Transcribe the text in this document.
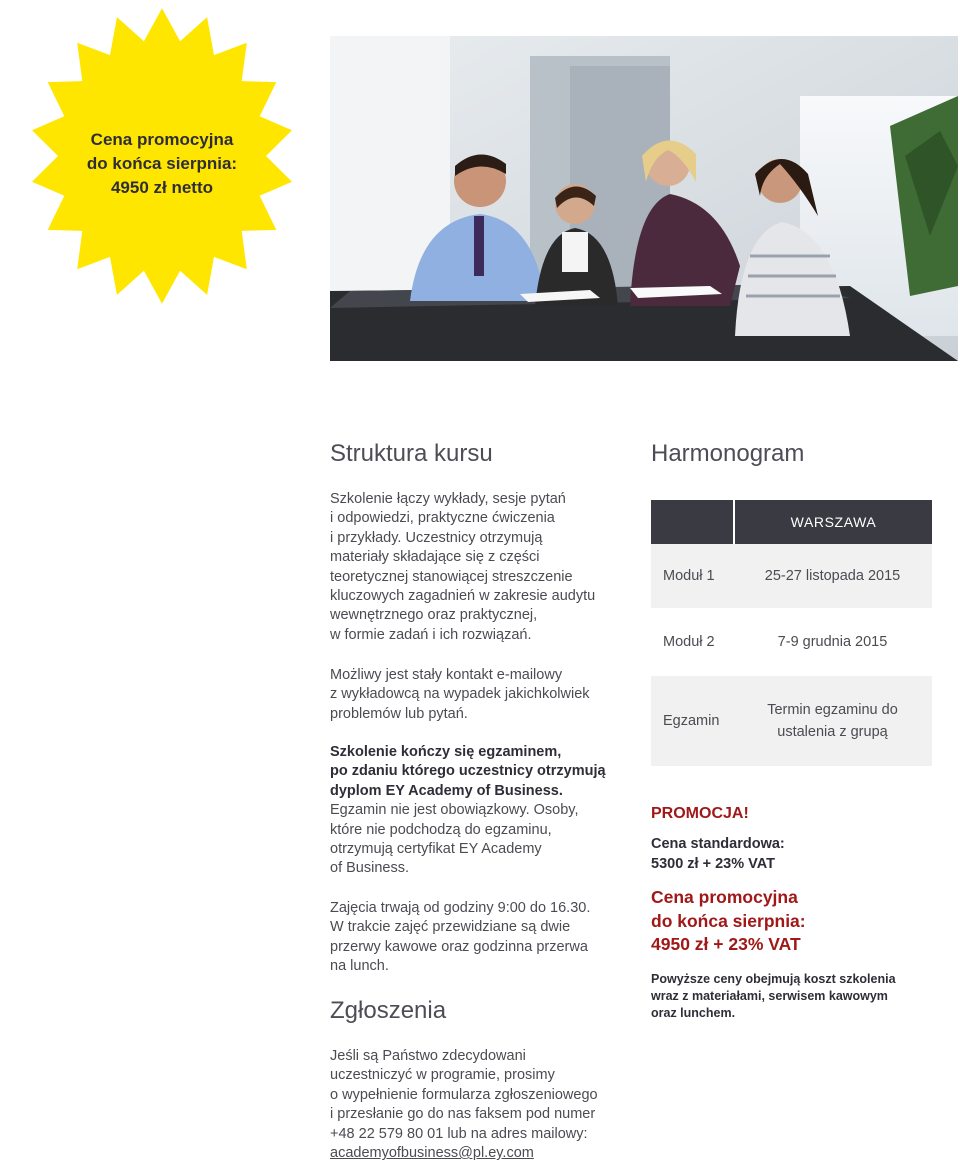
Cena promocyjna
do końca sierpnia:
4950 zł netto
Struktura kursu
Szkolenie łączy wykłady, sesje pytań
i odpowiedzi, praktyczne ćwiczenia
i przykłady. Uczestnicy otrzymują
materiały składające się z części
teoretycznej stanowiącej streszczenie
kluczowych zagadnień w zakresie audytu
wewnętrznego oraz praktycznej,
w formie zadań i ich rozwiązań.
Możliwy jest stały kontakt e-mailowy
z wykładowcą na wypadek jakichkolwiek
problemów lub pytań.
Szkolenie kończy się egzaminem,
po zdaniu którego uczestnicy otrzymują
dyplom EY Academy of Business.
Egzamin nie jest obowiązkowy. Osoby,
które nie podchodzą do egzaminu,
otrzymują certyfikat EY Academy
of Business.
Zajęcia trwają od godziny 9:00 do 16.30.
W trakcie zajęć przewidziane są dwie
przerwy kawowe oraz godzinna przerwa
na lunch.
Zgłoszenia
Jeśli są Państwo zdecydowani
uczestniczyć w programie, prosimy
o wypełnienie formularza zgłoszeniowego
i przesłanie go do nas faksem pod numer
+48 22 579 80 01 lub na adres mailowy:
academyofbusiness@pl.ey.com
Harmonogram
WARSZAWA
Moduł 1	25-27 listopada 2015
Moduł 2	7-9 grudnia 2015
Egzamin
Termin egzaminu do
ustalenia z grupą
PROMOCJA!
Cena standardowa:
5300 zł + 23% VAT
Cena promocyjna
do końca sierpnia:
4950 zł + 23% VAT
Powyższe ceny obejmują koszt szkolenia
wraz z materiałami, serwisem kawowym
oraz lunchem.
